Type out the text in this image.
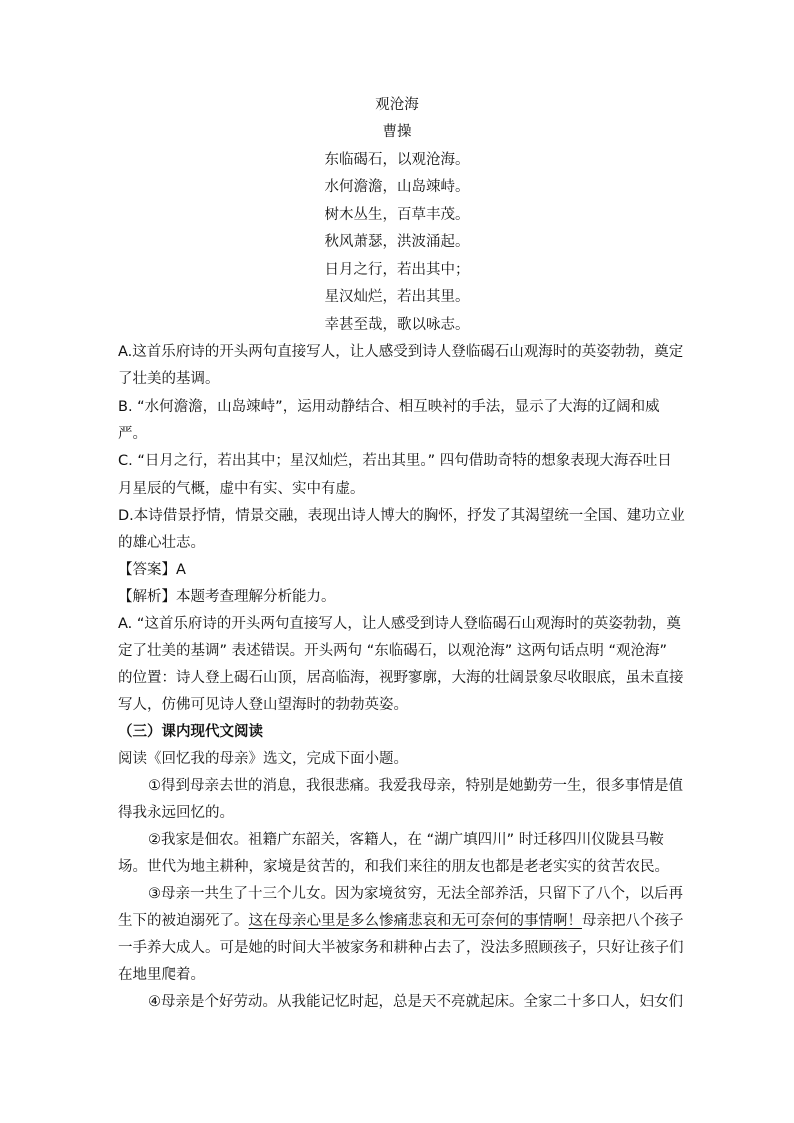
观沧海
曹操
东临碣石，以观沧海。
水何澹澹，山岛竦峙。
树木丛生，百草丰茂。
秋风萧瑟，洪波涌起。
日月之行，若出其中；
星汉灿烂，若出其里。
幸甚至哉，歌以咏志。
A.这首乐府诗的开头两句直接写人，让人感受到诗人登临碣石山观海时的英姿勃勃，奠定
了壮美的基调。
B. “水何澹澹，山岛竦峙”，运用动静结合、相互映衬的手法，显示了大海的辽阔和威
严。
C. “日月之行，若出其中；星汉灿烂，若出其里。” 四句借助奇特的想象表现大海吞吐日
月星辰的气概，虚中有实、实中有虚。
D.本诗借景抒情，情景交融，表现出诗人博大的胸怀，抒发了其渴望统一全国、建功立业
的雄心壮志。
【答案】A
【解析】本题考查理解分析能力。
A. “这首乐府诗的开头两句直接写人，让人感受到诗人登临碣石山观海时的英姿勃勃，奠
定了壮美的基调” 表述错误。开头两句 “东临碣石，以观沧海” 这两句话点明 “观沧海”
的位置：诗人登上碣石山顶，居高临海，视野寥廓，大海的壮阔景象尽收眼底，虽未直接
写人，仿佛可见诗人登山望海时的勃勃英姿。
（三）课内现代文阅读
阅读《回忆我的母亲》选文，完成下面小题。
①得到母亲去世的消息，我很悲痛。我爱我母亲，特别是她勤劳一生，很多事情是值
得我永远回忆的。
②我家是佃农。祖籍广东韶关，客籍人，在 “湖广填四川” 时迁移四川仪陇县马鞍
场。世代为地主耕种，家境是贫苦的，和我们来往的朋友也都是老老实实的贫苦农民。
③母亲一共生了十三个儿女。因为家境贫穷，无法全部养活，只留下了八个，以后再
生下的被迫溺死了。这在母亲心里是多么惨痛悲哀和无可奈何的事情啊！母亲把八个孩子
一手养大成人。可是她的时间大半被家务和耕种占去了，没法多照顾孩子，只好让孩子们
在地里爬着。
④母亲是个好劳动。从我能记忆时起，总是天不亮就起床。全家二十多口人，妇女们
